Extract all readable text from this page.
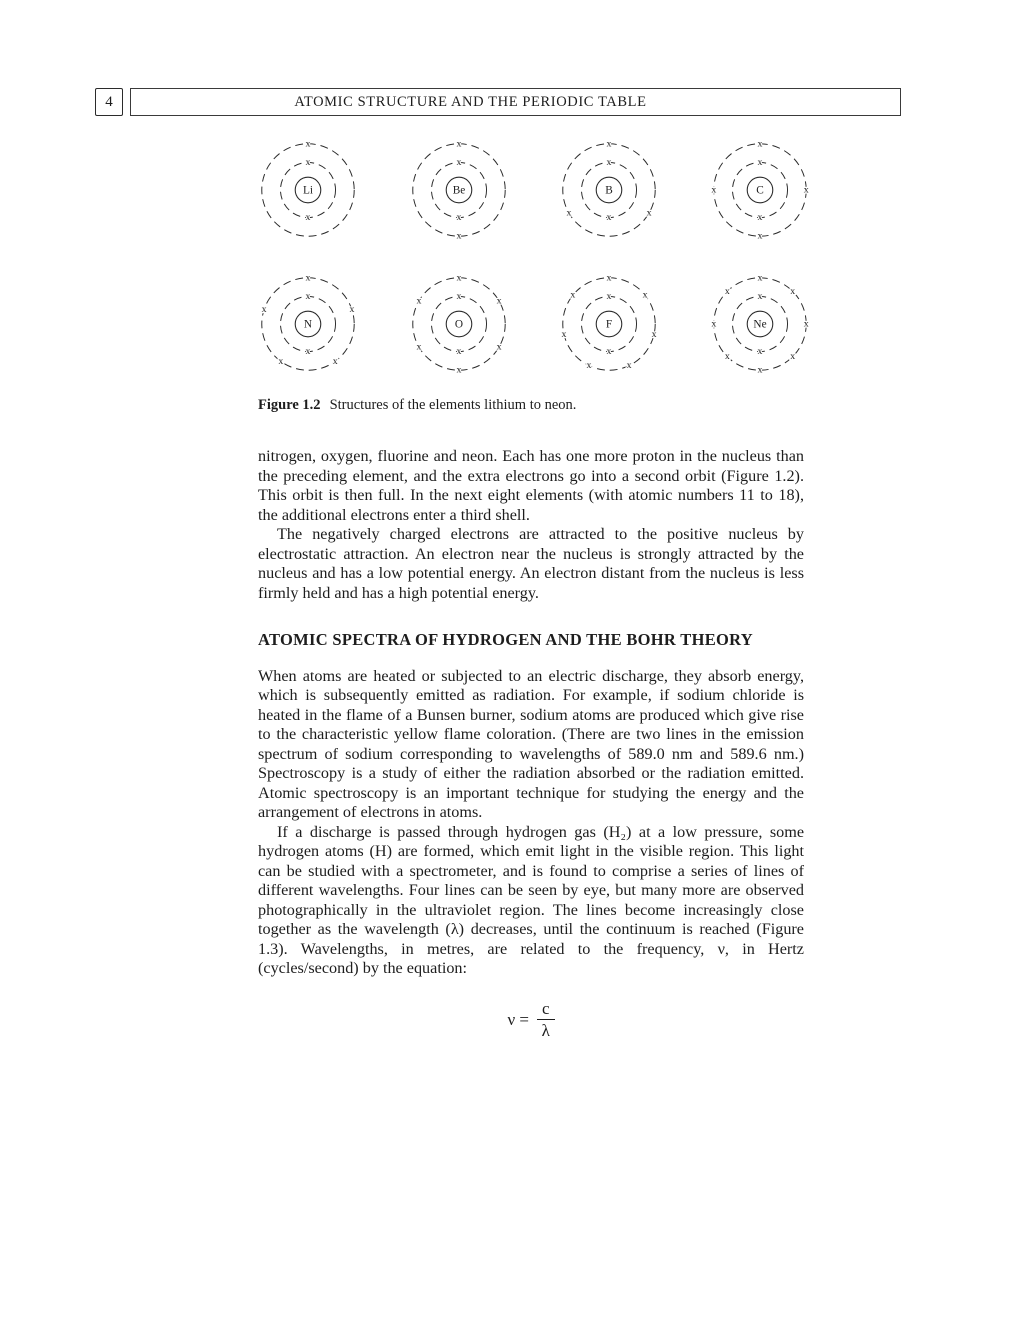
4	ATOMIC STRUCTURE AND THE PERIODIC TABLE
Li
x
x
x
Be
x
x
x
x
B
x
x
x
x
x
C
x
x
x
x
x
x
N
x
x
x
x
x
x
x
O
x
x
x
x
x
x
x
x
F
x
x
x
x
x
x
x
x
x
Ne
x
x
x
x
x
x
x
x
x
x
Figure 1.2 Structures of the elements lithium to neon.

nitrogen, oxygen, fluorine and neon. Each has one more proton in the nucleus than the preceding element, and the extra electrons go into a second orbit (Figure 1.2). This orbit is then full. In the next eight elements (with atomic numbers 11 to 18), the additional electrons enter a third shell.

The negatively charged electrons are attracted to the positive nucleus by electrostatic attraction. An electron near the nucleus is strongly attracted by the nucleus and has a low potential energy. An electron distant from the nucleus is less firmly held and has a high potential energy.

ATOMIC SPECTRA OF HYDROGEN AND THE BOHR THEORY

When atoms are heated or subjected to an electric discharge, they absorb energy, which is subsequently emitted as radiation. For example, if sodium chloride is heated in the flame of a Bunsen burner, sodium atoms are produced which give rise to the characteristic yellow flame coloration. (There are two lines in the emission spectrum of sodium corresponding to wavelengths of 589.0 nm and 589.6 nm.) Spectroscopy is a study of either the radiation absorbed or the radiation emitted. Atomic spectroscopy is an important technique for studying the energy and the arrangement of electrons in atoms.

If a discharge is passed through hydrogen gas (H₂) at a low pressure, some hydrogen atoms (H) are formed, which emit light in the visible region. This light can be studied with a spectrometer, and is found to comprise a series of lines of different wavelengths. Four lines can be seen by eye, but many more are observed photographically in the ultraviolet region. The lines become increasingly close together as the wavelength (λ) decreases, until the continuum is reached (Figure 1.3). Wavelengths, in metres, are related to the frequency, ν, in Hertz (cycles/second) by the equation:

$\nu = \frac{c}{\lambda}$
